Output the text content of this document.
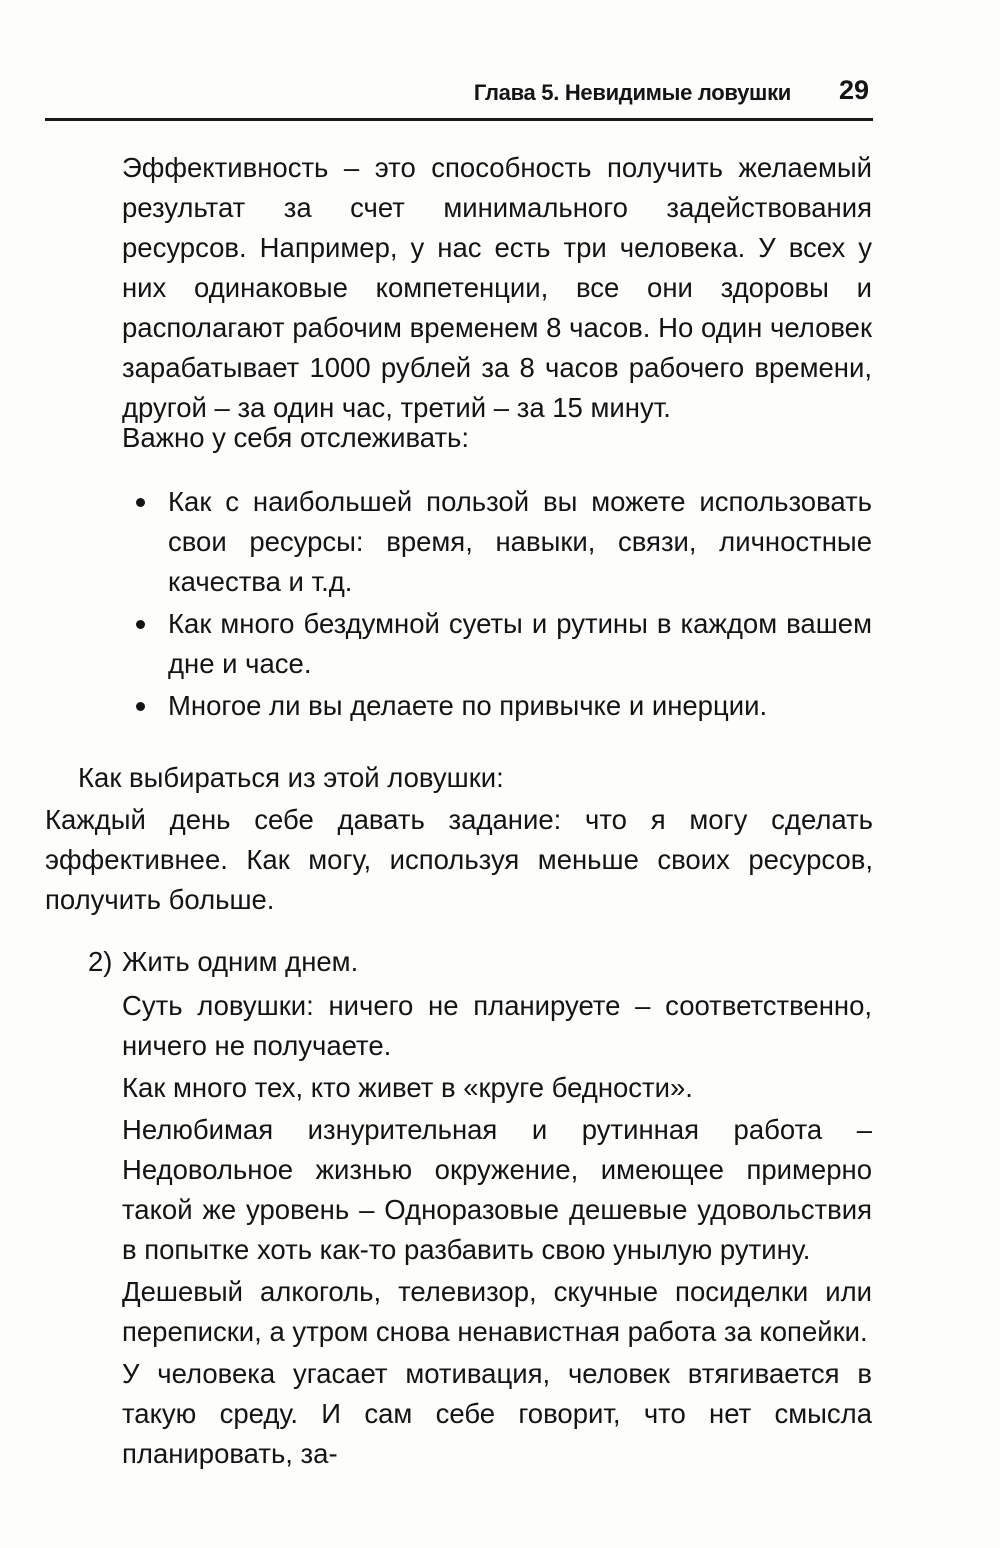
Глава 5. Невидимые ловушки 29

Эффективность – это способность получить желаемый результат за счет минимального задействования ресурсов. Например, у нас есть три человека. У всех у них одинаковые компетенции, все они здоровы и располагают рабочим временем 8 часов. Но один человек зарабатывает 1000 рублей за 8 часов рабочего времени, другой – за один час, третий – за 15 минут.

Важно у себя отслеживать:

Как с наибольшей пользой вы можете использовать свои ресурсы: время, навыки, связи, личностные качества и т.д.
Как много бездумной суеты и рутины в каждом вашем дне и часе.
Многое ли вы делаете по привычке и инерции.

Как выбираться из этой ловушки:

Каждый день себе давать задание: что я могу сделать эффективнее. Как могу, используя меньше своих ресурсов, получить больше.

2) Жить одним днем.

Суть ловушки: ничего не планируете – соответственно, ничего не получаете.

Как много тех, кто живет в «круге бедности».

Нелюбимая изнурительная и рутинная работа – Недовольное жизнью окружение, имеющее примерно такой же уровень – Одноразовые дешевые удовольствия в попытке хоть как-то разбавить свою унылую рутину.

Дешевый алкоголь, телевизор, скучные посиделки или переписки, а утром снова ненавистная работа за копейки.

У человека угасает мотивация, человек втягивается в такую среду. И сам себе говорит, что нет смысла планировать, за-
